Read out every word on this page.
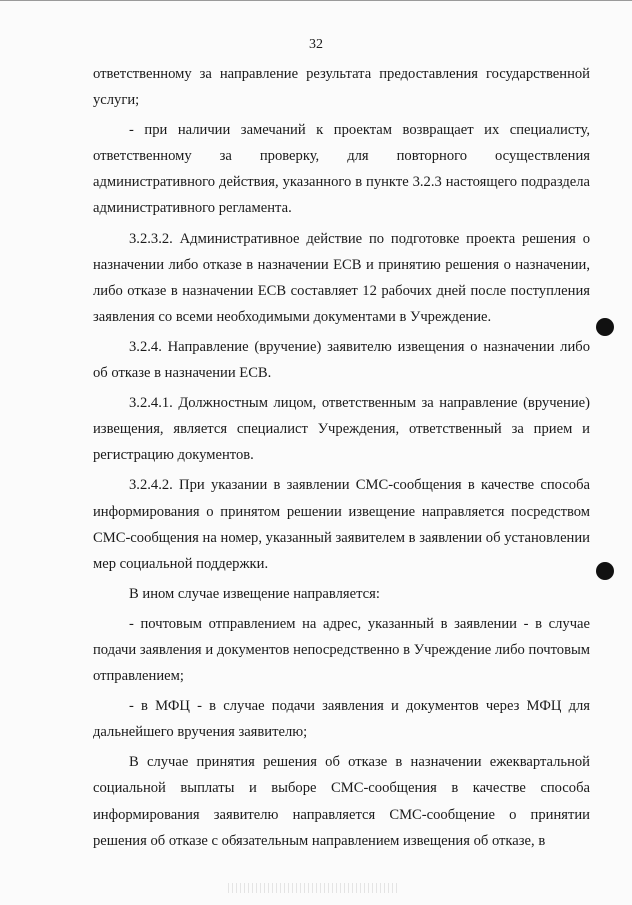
32

ответственному за направление результата предоставления государственной услуги;

- при наличии замечаний к проектам возвращает их специалисту, ответственному за проверку, для повторного осуществления административного действия, указанного в пункте 3.2.3 настоящего подраздела административного регламента.

3.2.3.2. Административное действие по подготовке проекта решения о назначении либо отказе в назначении ЕСВ и принятию решения о назначении, либо отказе в назначении ЕСВ составляет 12 рабочих дней после поступления заявления со всеми необходимыми документами в Учреждение.

3.2.4. Направление (вручение) заявителю извещения о назначении либо об отказе в назначении ЕСВ.

3.2.4.1. Должностным лицом, ответственным за направление (вручение) извещения, является специалист Учреждения, ответственный за прием и регистрацию документов.

3.2.4.2. При указании в заявлении СМС-сообщения в качестве способа информирования о принятом решении извещение направляется посредством СМС-сообщения на номер, указанный заявителем в заявлении об установлении мер социальной поддержки.

В ином случае извещение направляется:

- почтовым отправлением на адрес, указанный в заявлении - в случае подачи заявления и документов непосредственно в Учреждение либо почтовым отправлением;

- в МФЦ - в случае подачи заявления и документов через МФЦ для дальнейшего вручения заявителю;

В случае принятия решения об отказе в назначении ежеквартальной социальной выплаты и выборе СМС-сообщения в качестве способа информирования заявителю направляется СМС-сообщение о принятии решения об отказе с обязательным направлением извещения об отказе, в
